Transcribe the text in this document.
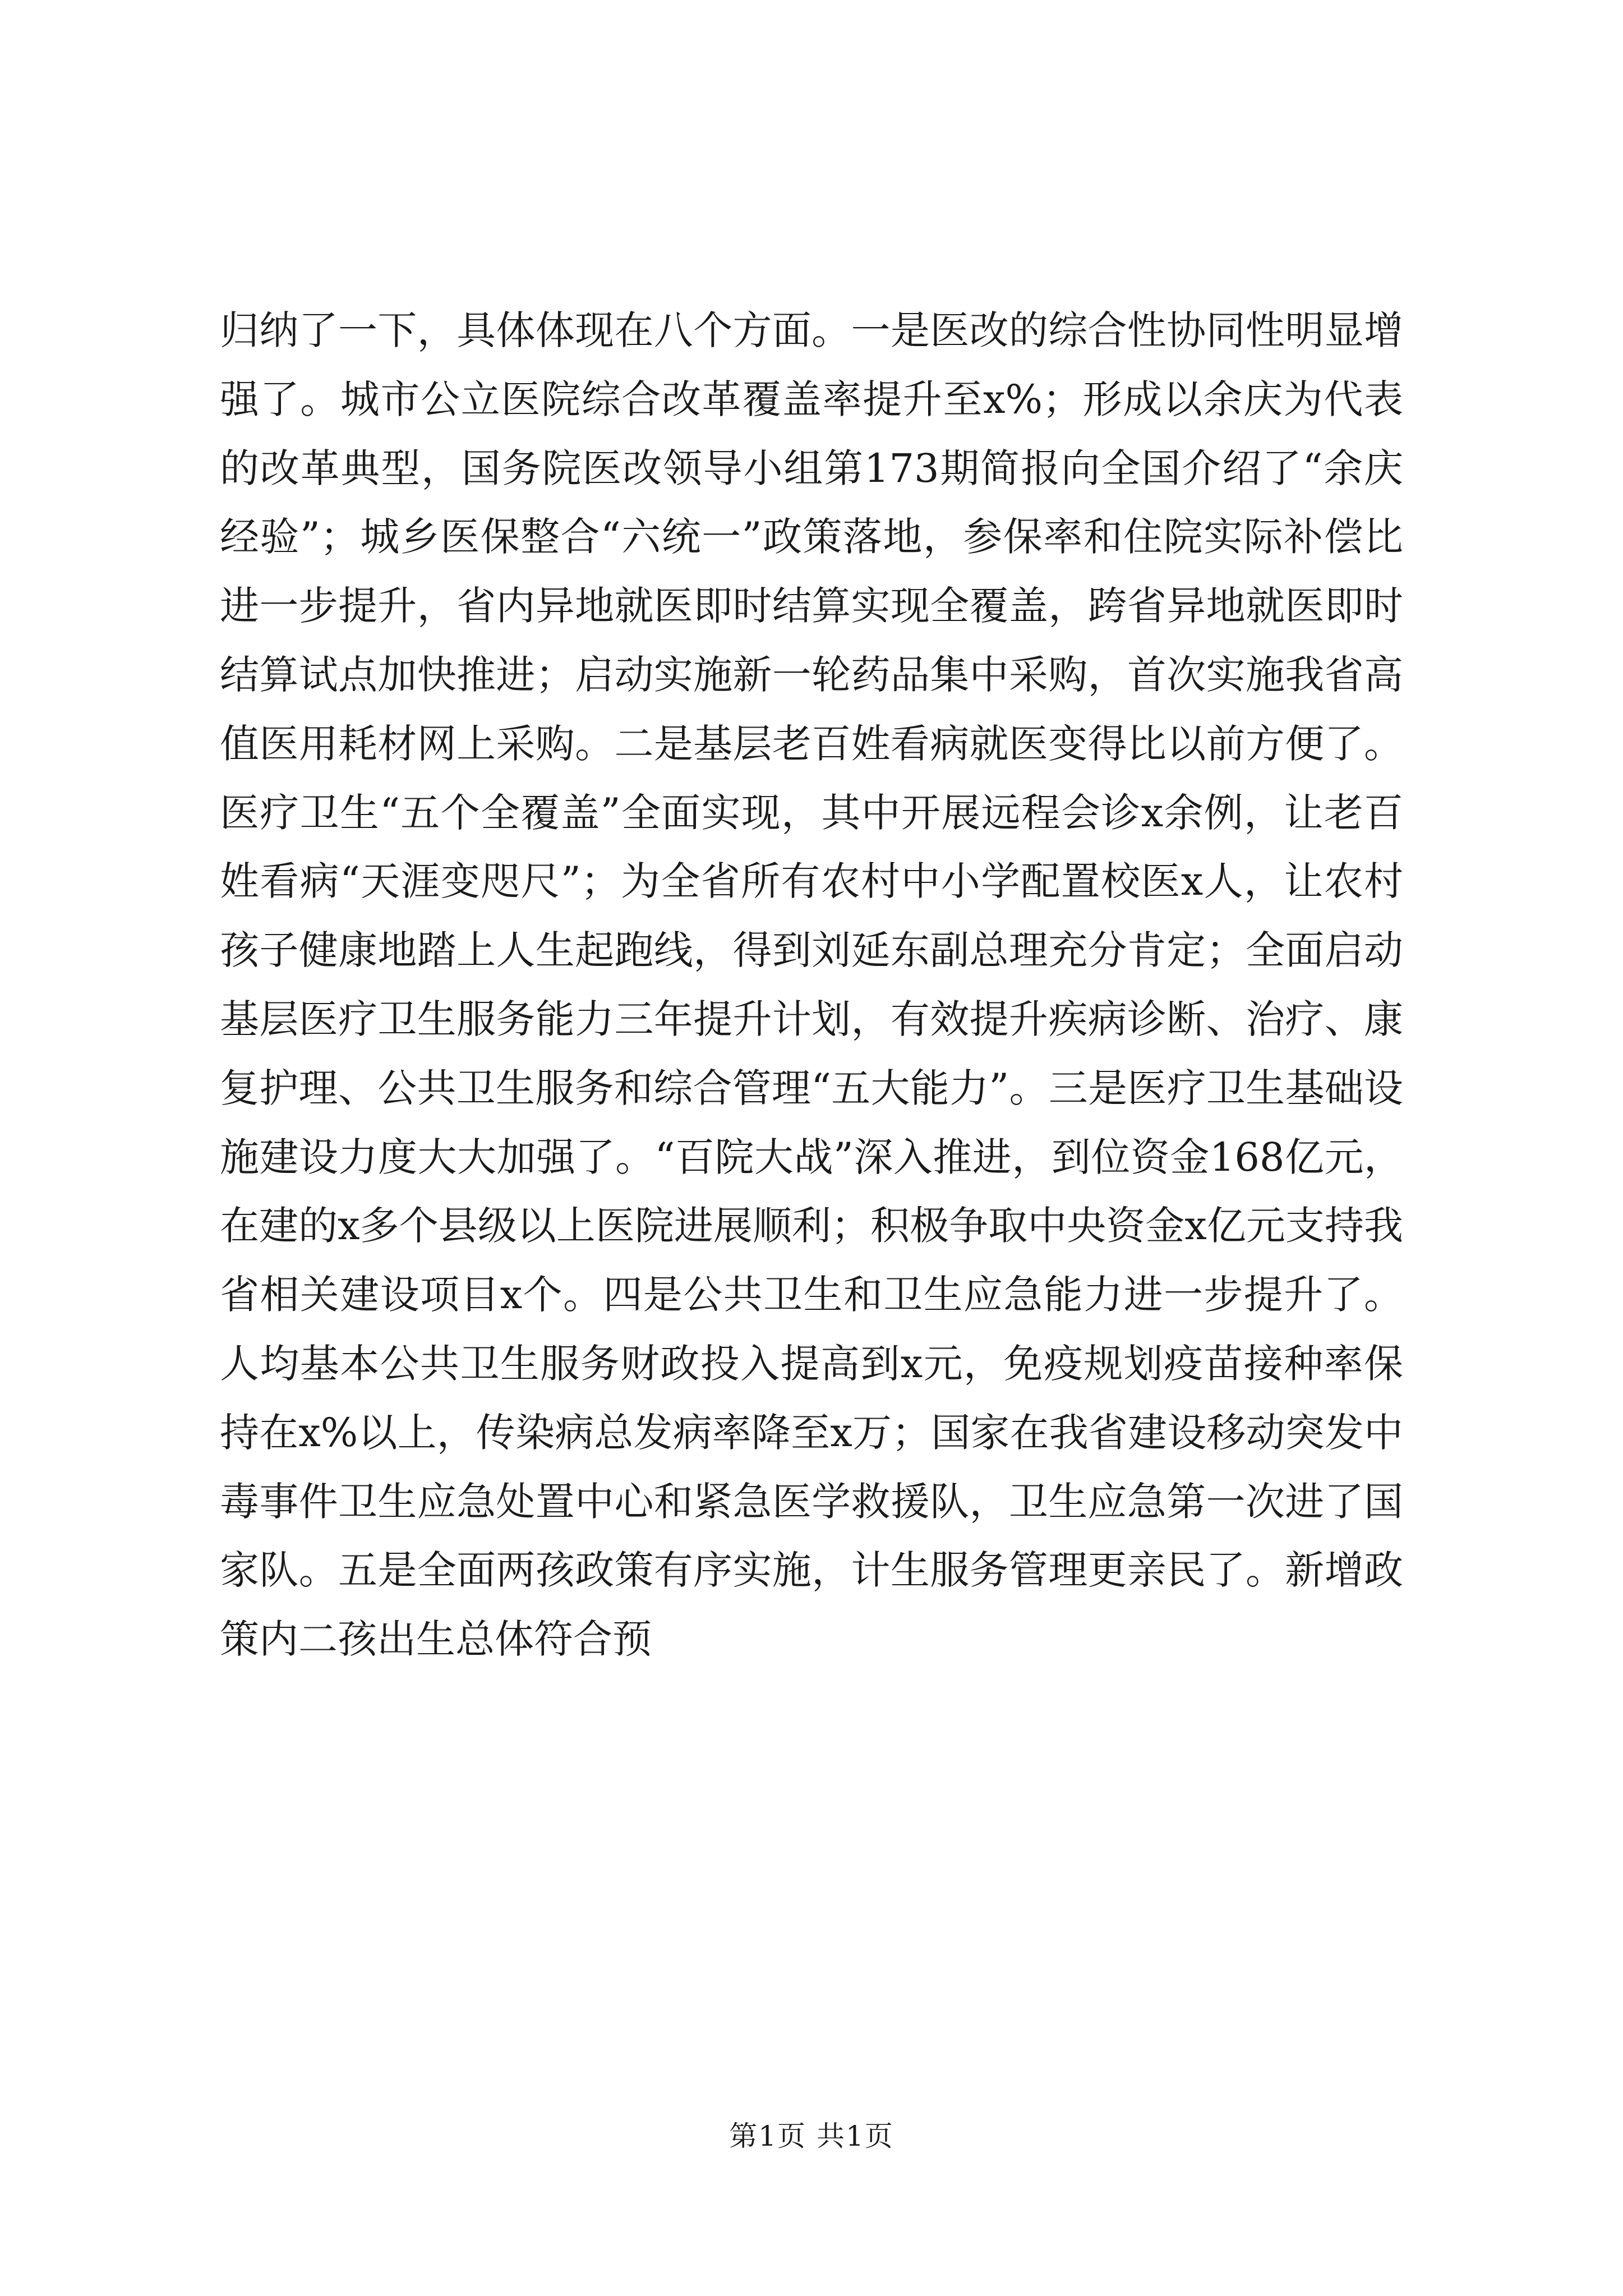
归纳了一下，具体体现在八个方面。一是医改的综合性协同性明显增强了。城市公立医院综合改革覆盖率提升至x%；形成以余庆为代表的改革典型，国务院医改领导小组第173期简报向全国介绍了“余庆经验”；城乡医保整合“六统一”政策落地，参保率和住院实际补偿比进一步提升，省内异地就医即时结算实现全覆盖，跨省异地就医即时结算试点加快推进；启动实施新一轮药品集中采购，首次实施我省高值医用耗材网上采购。二是基层老百姓看病就医变得比以前方便了。医疗卫生“五个全覆盖”全面实现，其中开展远程会诊x余例，让老百姓看病“天涯变咫尺”；为全省所有农村中小学配置校医x人，让农村孩子健康地踏上人生起跑线，得到刘延东副总理充分肯定；全面启动基层医疗卫生服务能力三年提升计划，有效提升疾病诊断、治疗、康复护理、公共卫生服务和综合管理“五大能力”。三是医疗卫生基础设施建设力度大大加强了。“百院大战”深入推进，到位资金168亿元，在建的x多个县级以上医院进展顺利；积极争取中央资金x亿元支持我省相关建设项目x个。四是公共卫生和卫生应急能力进一步提升了。人均基本公共卫生服务财政投入提高到x元，免疫规划疫苗接种率保持在x%以上，传染病总发病率降至x万；国家在我省建设移动突发中毒事件卫生应急处置中心和紧急医学救援队，卫生应急第一次进了国家队。五是全面两孩政策有序实施，计生服务管理更亲民了。新增政策内二孩出生总体符合预

第1页 共1页
